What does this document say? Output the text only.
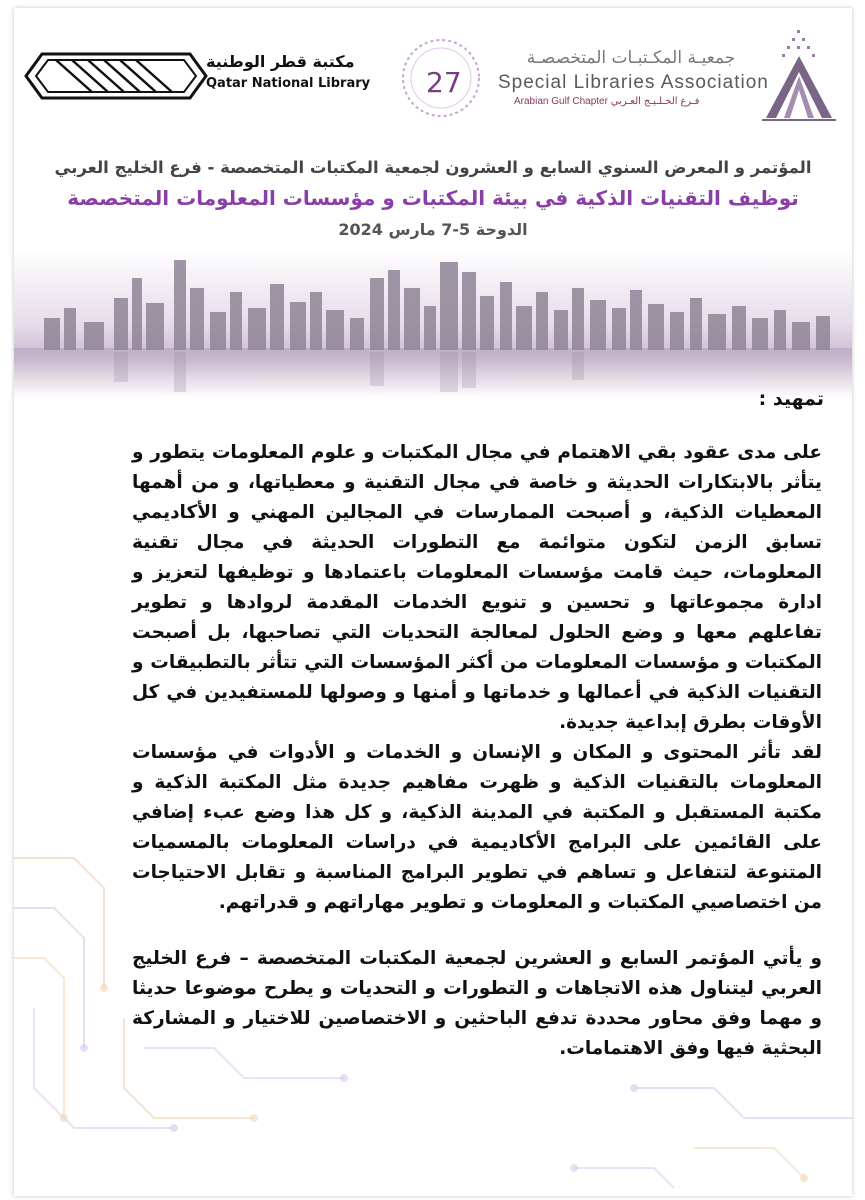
مكتبة قطر الوطنية
Qatar National Library 27
جمعيـة المكـتبـات المتخصصـة
Special Libraries Association
Arabian Gulf Chapter فـرع الخـلـيـج العـربي
المؤتمر و المعرض السنوي السابع و العشرون لجمعية المكتبات المتخصصة - فرع الخليج العربي
توظيف التقنيات الذكية في بيئة المكتبات و مؤسسات المعلومات المتخصصة
الدوحة 5-7 مارس 2024
تمهيد :

على مدى عقود بقي الاهتمام في مجال المكتبات و علوم المعلومات يتطور و يتأثر بالابتكارات الحديثة و خاصة في مجال التقنية و معطياتها، و من أهمها المعطيات الذكية، و أصبحت الممارسات في المجالين المهني و الأكاديمي تسابق الزمن لتكون متوائمة مع التطورات الحديثة في مجال تقنية المعلومات، حيث قامت مؤسسات المعلومات باعتمادها و توظيفها لتعزيز و ادارة مجموعاتها و تحسين و تنويع الخدمات المقدمة لروادها و تطوير تفاعلهم معها و وضع الحلول لمعالجة التحديات التي تصاحبها، بل أصبحت المكتبات و مؤسسات المعلومات من أكثر المؤسسات التي تتأثر بالتطبيقات و التقنيات الذكية في أعمالها و خدماتها و أمنها و وصولها للمستفيدين في كل الأوقات بطرق إبداعية جديدة.

لقد تأثر المحتوى و المكان و الإنسان و الخدمات و الأدوات في مؤسسات المعلومات بالتقنيات الذكية و ظهرت مفاهيم جديدة مثل المكتبة الذكية و مكتبة المستقبل و المكتبة في المدينة الذكية، و كل هذا وضع عبء إضافي على القائمين على البرامج الأكاديمية في دراسات المعلومات بالمسميات المتنوعة لتتفاعل و تساهم في تطوير البرامج المناسبة و تقابل الاحتياجات من اختصاصيي المكتبات و المعلومات و تطوير مهاراتهم و قدراتهم.

و يأتي المؤتمر السابع و العشرين لجمعية المكتبات المتخصصة – فرع الخليج العربي ليتناول هذه الاتجاهات و التطورات و التحديات و يطرح موضوعا حديثا و مهما وفق محاور محددة تدفع الباحثين و الاختصاصين للاختيار و المشاركة البحثية فيها وفق الاهتمامات.
